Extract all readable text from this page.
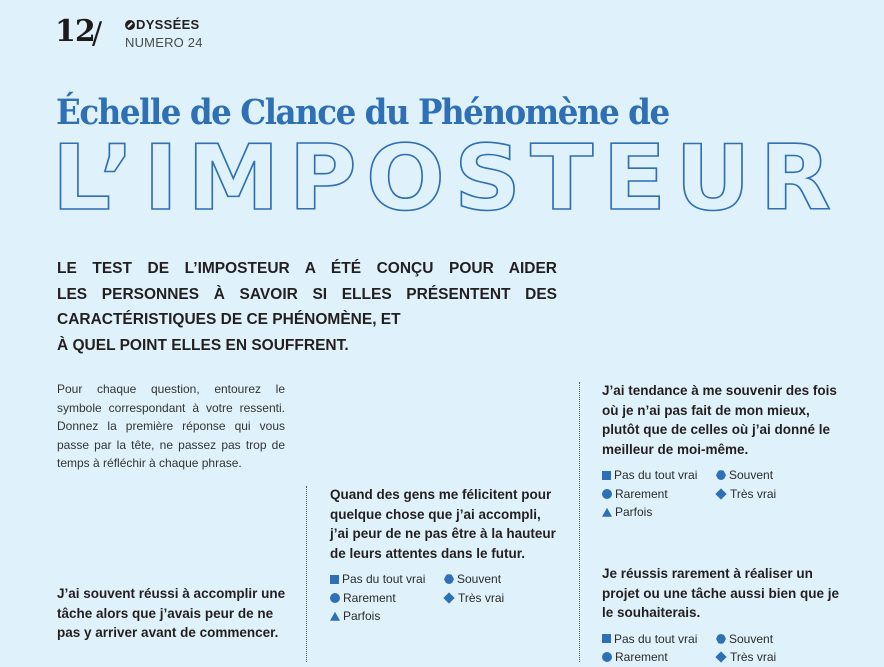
12
/	DYSSÉES
NUMERO 24
Échelle de Clance du Phénomène de
L’IMPOSTEUR
LE TEST DE L’IMPOSTEUR A ÉTÉ CONÇU POUR AIDER
LES PERSONNES À SAVOIR SI ELLES PRÉSENTENT DES
CARACTÉRISTIQUES DE CE PHÉNOMÈNE, ET
À QUEL POINT ELLES EN SOUFFRENT.
Pour chaque question, entourez le symbole correspondant à votre ressenti. Donnez la première réponse qui vous passe par la tête, ne passez pas trop de temps à réfléchir à chaque phrase.

J’ai souvent réussi à accomplir une tâche alors que j’avais peur de ne pas y arriver avant de commencer.

Quand des gens me félicitent pour quelque chose que j’ai accompli, j’ai peur de ne pas être à la hauteur de leurs attentes dans le futur.

Pas du tout vrai	Souvent
Rarement	Très vrai
Parfois

J’ai tendance à me souvenir des fois où je n’ai pas fait de mon mieux, plutôt que de celles où j’ai donné le meilleur de moi-même.

Pas du tout vrai	Souvent
Rarement	Très vrai
Parfois

Je réussis rarement à réaliser un projet ou une tâche aussi bien que je le souhaiterais.

Pas du tout vrai	Souvent
Rarement	Très vrai
